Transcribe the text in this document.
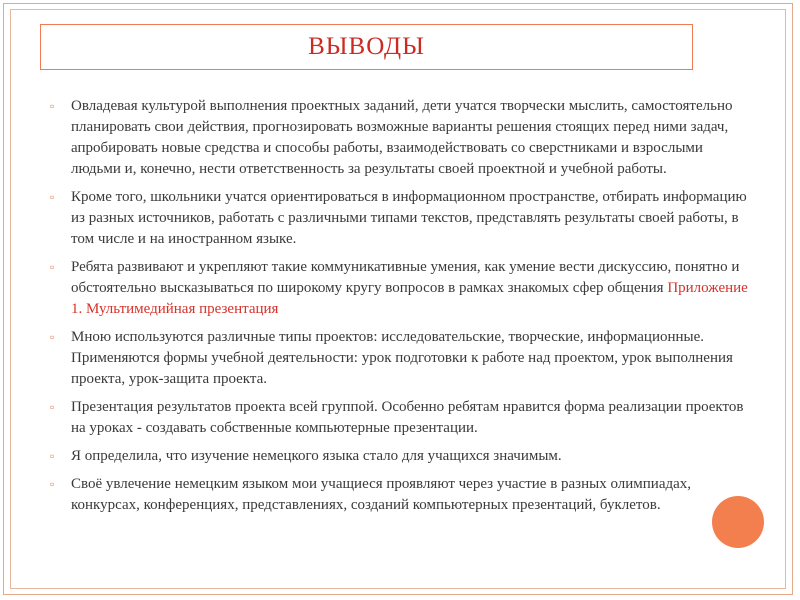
ВЫВОДЫ
▫	Овладевая культурой выполнения проектных заданий, дети учатся творчески мыслить, самостоятельно планировать свои действия, прогнозировать возможные варианты решения стоящих перед ними задач, апробировать новые средства и способы работы, взаимодействовать со сверстниками и взрослыми людьми и, конечно, нести ответственность за результаты своей проектной и учебной работы.
▫	Кроме того, школьники учатся ориентироваться в информационном пространстве, отбирать информацию из разных источников, работать с различными типами текстов, представлять результаты своей работы, в том числе и на иностранном языке.
▫	Ребята развивают и укрепляют такие коммуникативные умения, как умение вести дискуссию, понятно и обстоятельно высказываться по широкому кругу вопросов в рамках знакомых сфер общения Приложение 1. Мультимедийная презентация
▫	Мною используются различные типы проектов: исследовательские, творческие, информационные. Применяются формы учебной деятельности: урок подготовки к работе над проектом, урок выполнения проекта, урок-защита проекта.
▫	Презентация результатов проекта всей группой. Особенно ребятам нравится форма реализации проектов на уроках - создавать собственные компьютерные презентации.
▫	Я определила, что изучение немецкого языка стало для учащихся значимым.
▫	Своё увлечение немецким языком мои учащиеся проявляют через участие в разных олимпиадах, конкурсах, конференциях, представлениях, созданий компьютерных презентаций, буклетов.
